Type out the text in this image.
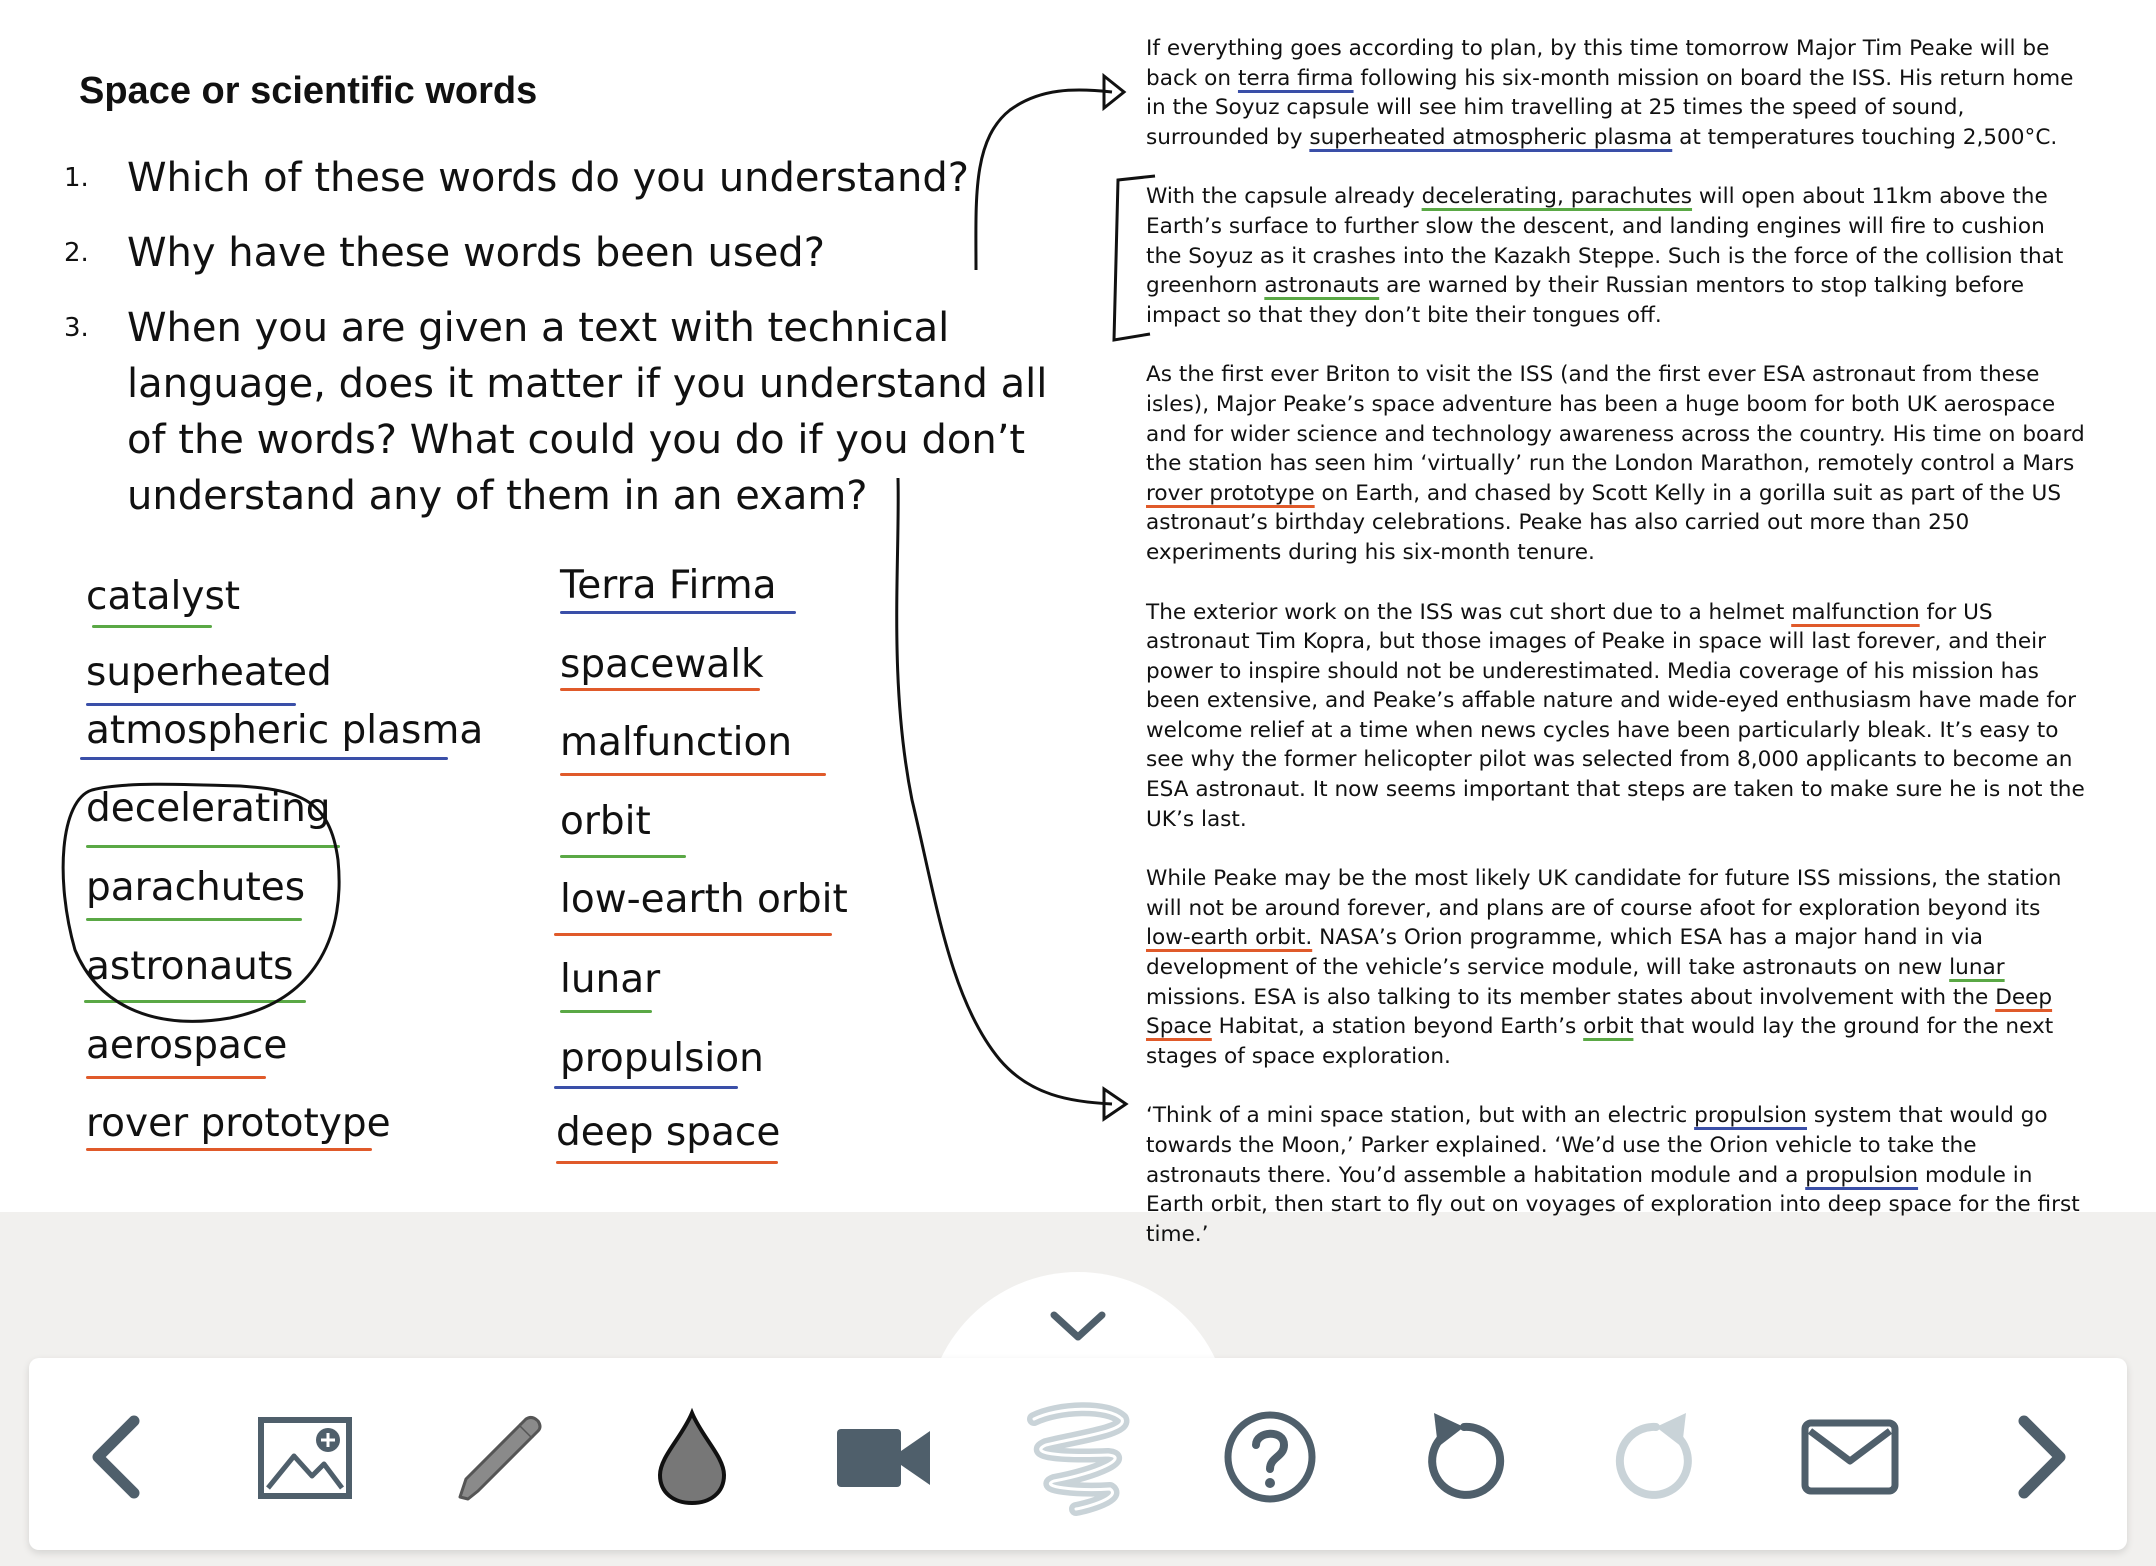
Space or scientific words
1. Which of these words do you understand?
2. Why have these words been used?
3. When you are given a text with technical language, does it matter if you understand all of the words? What could you do if you don’t understand any of them in an exam?
catalyst
superheated
atmospheric plasma
decelerating
parachutes
astronauts
aerospace
rover prototype
Terra Firma
spacewalk
malfunction
orbit
low-earth orbit
lunar
propulsion
deep space

If everything goes according to plan, by this time tomorrow Major Tim Peake will be back on terra firma following his six-month mission on board the ISS. His return home in the Soyuz capsule will see him travelling at 25 times the speed of sound, surrounded by superheated atmospheric plasma at temperatures touching 2,500°C.

With the capsule already decelerating, parachutes will open about 11km above the Earth’s surface to further slow the descent, and landing engines will fire to cushion the Soyuz as it crashes into the Kazakh Steppe. Such is the force of the collision that greenhorn astronauts are warned by their Russian mentors to stop talking before impact so that they don’t bite their tongues off.

As the first ever Briton to visit the ISS (and the first ever ESA astronaut from these isles), Major Peake’s space adventure has been a huge boom for both UK aerospace and for wider science and technology awareness across the country. His time on board the station has seen him ‘virtually’ run the London Marathon, remotely control a Mars rover prototype on Earth, and chased by Scott Kelly in a gorilla suit as part of the US astronaut’s birthday celebrations. Peake has also carried out more than 250 experiments during his six-month tenure.

The exterior work on the ISS was cut short due to a helmet malfunction for US astronaut Tim Kopra, but those images of Peake in space will last forever, and their power to inspire should not be underestimated. Media coverage of his mission has been extensive, and Peake’s affable nature and wide-eyed enthusiasm have made for welcome relief at a time when news cycles have been particularly bleak. It’s easy to see why the former helicopter pilot was selected from 8,000 applicants to become an ESA astronaut. It now seems important that steps are taken to make sure he is not the UK’s last.

While Peake may be the most likely UK candidate for future ISS missions, the station will not be around forever, and plans are of course afoot for exploration beyond its low-earth orbit. NASA’s Orion programme, which ESA has a major hand in via development of the vehicle’s service module, will take astronauts on new lunar missions. ESA is also talking to its member states about involvement with the Deep Space Habitat, a station beyond Earth’s orbit that would lay the ground for the next stages of space exploration.

‘Think of a mini space station, but with an electric propulsion system that would go towards the Moon,’ Parker explained. ‘We’d use the Orion vehicle to take the astronauts there. You’d assemble a habitation module and a propulsion module in Earth orbit, then start to fly out on voyages of exploration into deep space for the first time.’
